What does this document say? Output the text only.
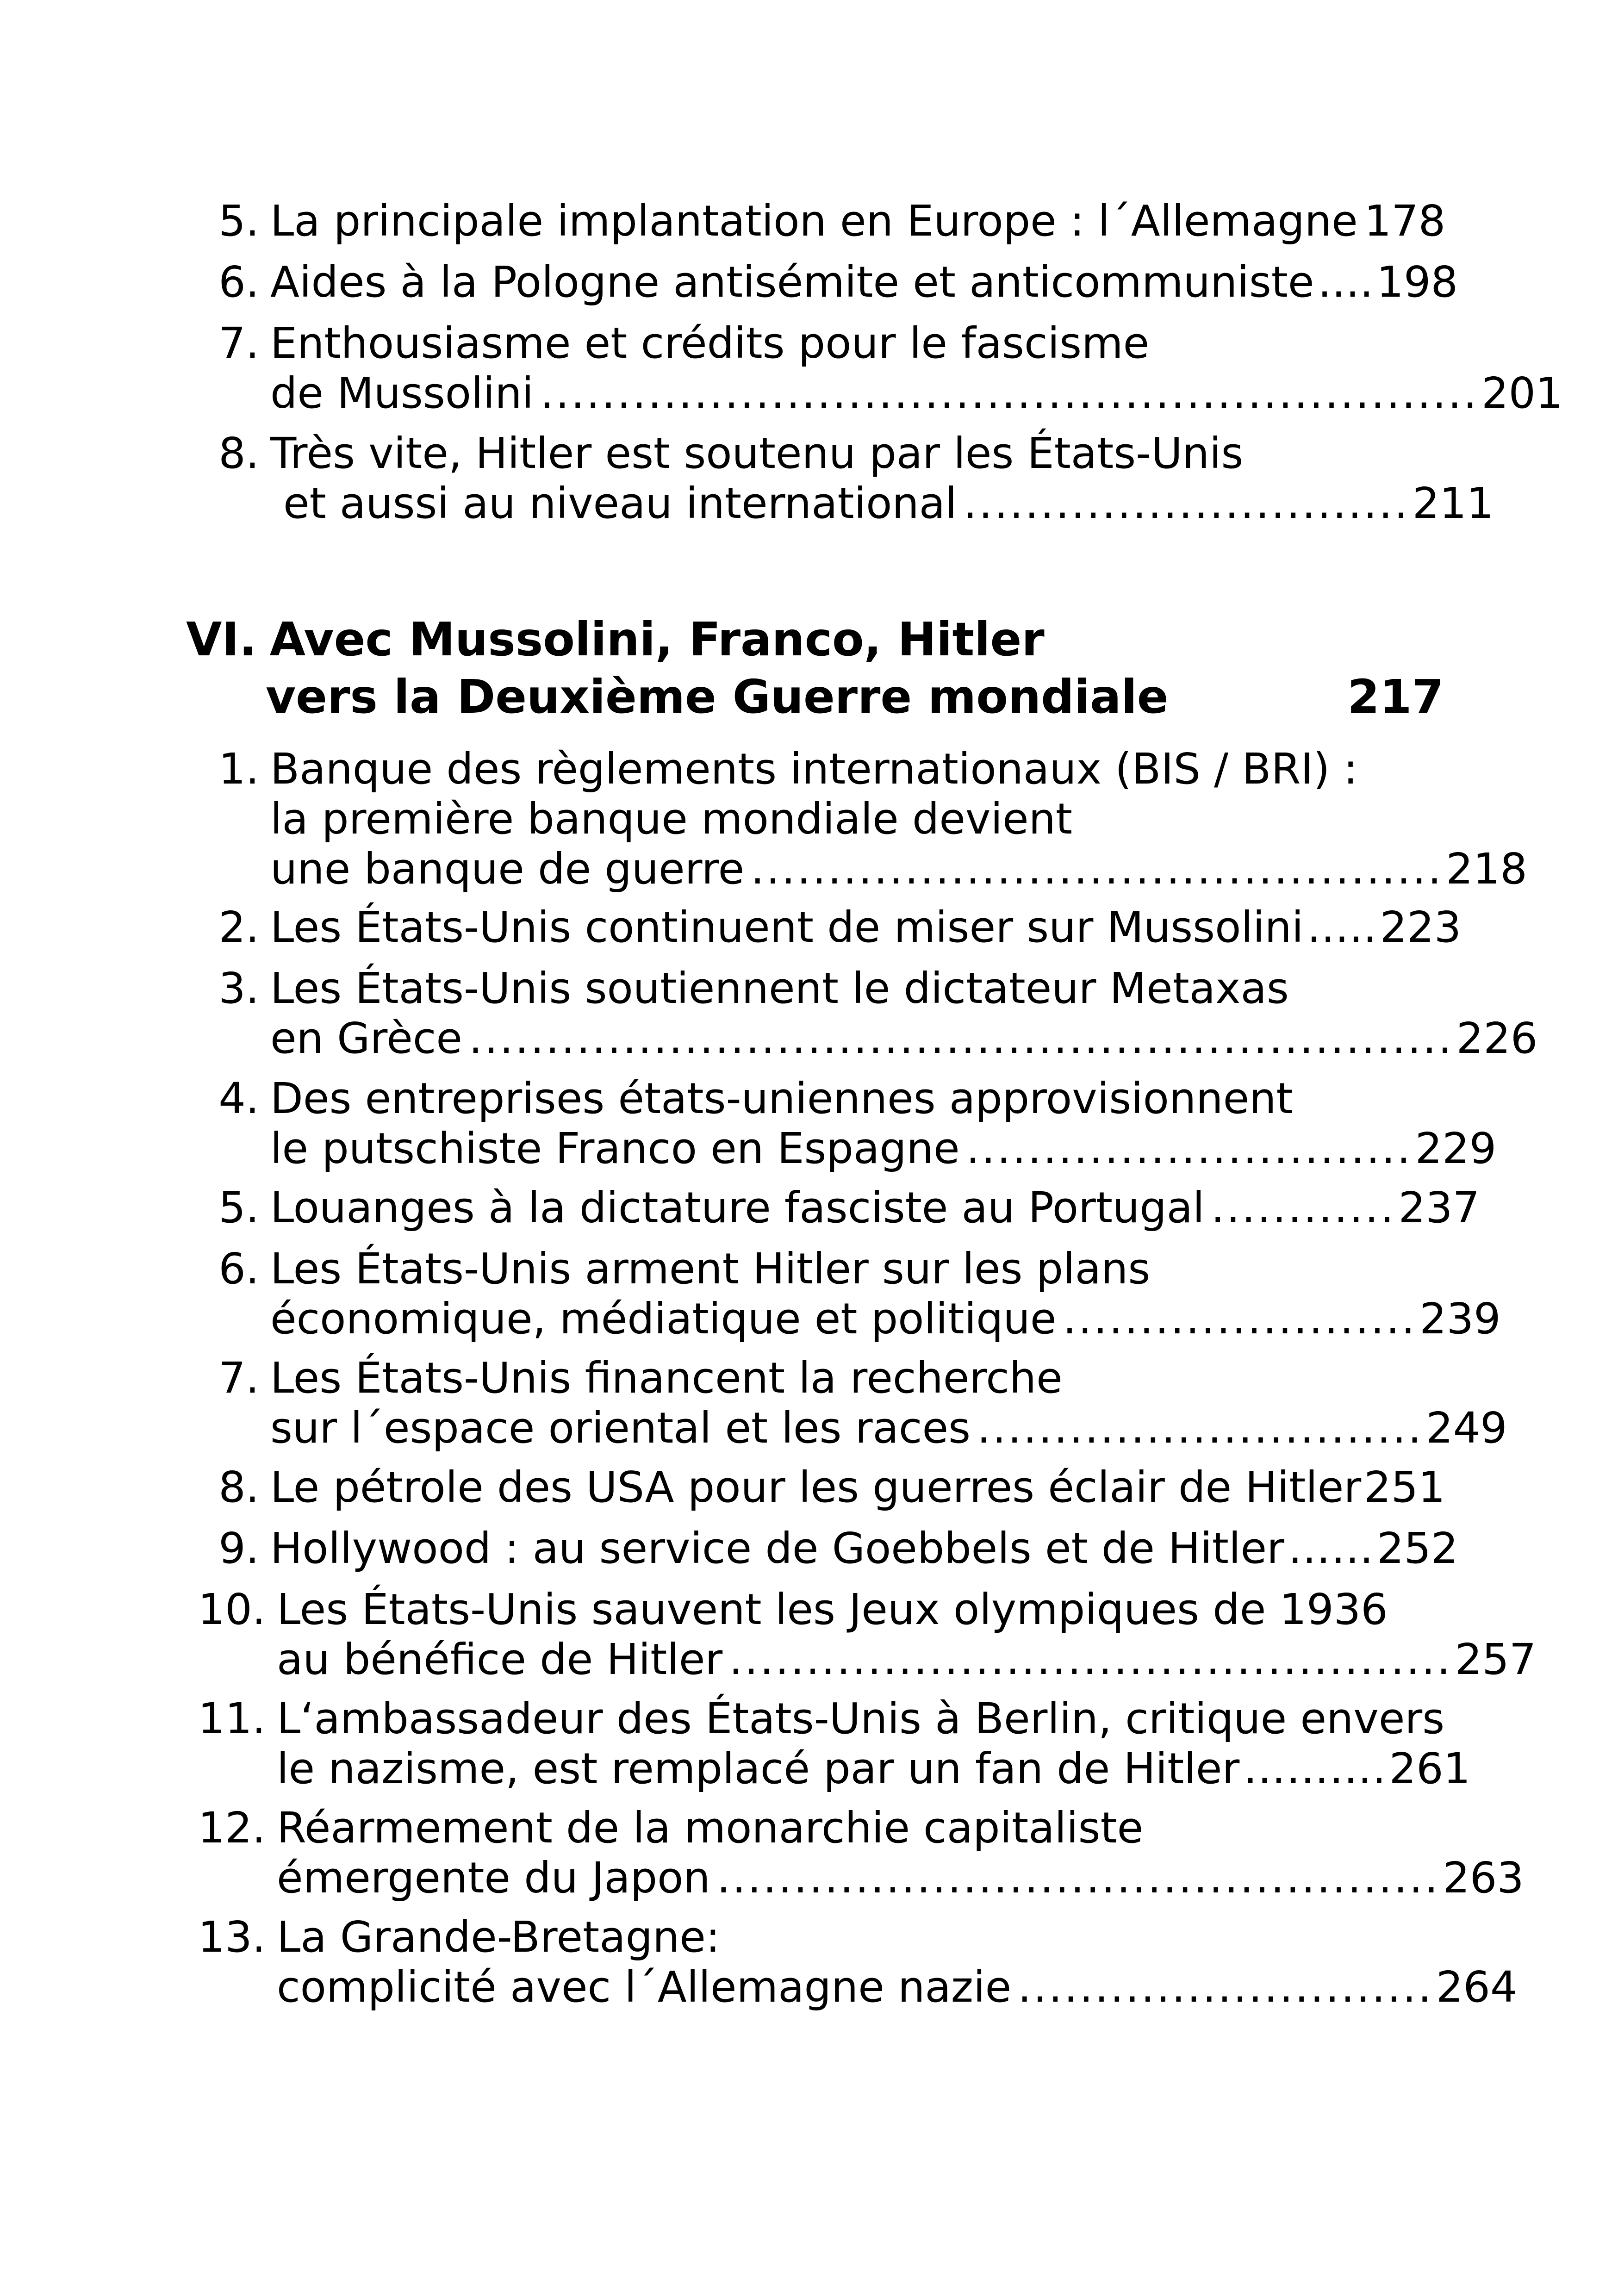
5. La principale implantation en Europe : l´Allemagne 178
6. Aides à la Pologne antisémite et anticommuniste .... 198
7. Enthousiasme et crédits pour le fascisme
de Mussolini ............................................................. 201
8. Très vite, Hitler est soutenu par les États-Unis
et aussi au niveau international ............................. 211
VI. Avec Mussolini, Franco, Hitler
vers la Deuxième Guerre mondiale	217
1. Banque des règlements internationaux (BIS / BRI) :
la première banque mondiale devient
une banque de guerre ............................................. 218
2. Les États-Unis continuent de miser sur Mussolini ..... 223
3. Les États-Unis soutiennent le dictateur Metaxas
en Grèce ................................................................ 226
4. Des entreprises états-uniennes approvisionnent
le putschiste Franco en Espagne ............................. 229
5. Louanges à la dictature fasciste au Portugal ............ 237
6. Les États-Unis arment Hitler sur les plans
économique, médiatique et politique ....................... 239
7. Les États-Unis financent la recherche
sur l´espace oriental et les races ............................. 249
8. Le pétrole des USA pour les guerres éclair de Hitler 251
9. Hollywood : au service de Goebbels et de Hitler …… 252
10. Les États-Unis sauvent les Jeux olympiques de 1936
au bénéfice de Hitler ............................................... 257
11. L‘ambassadeur des États-Unis à Berlin, critique envers
le nazisme, est remplacé par un fan de Hitler ………. 261
12. Réarmement de la monarchie capitaliste
émergente du Japon ............................................... 263
13. La Grande-Bretagne:
complicité avec l´Allemagne nazie ........................... 264
